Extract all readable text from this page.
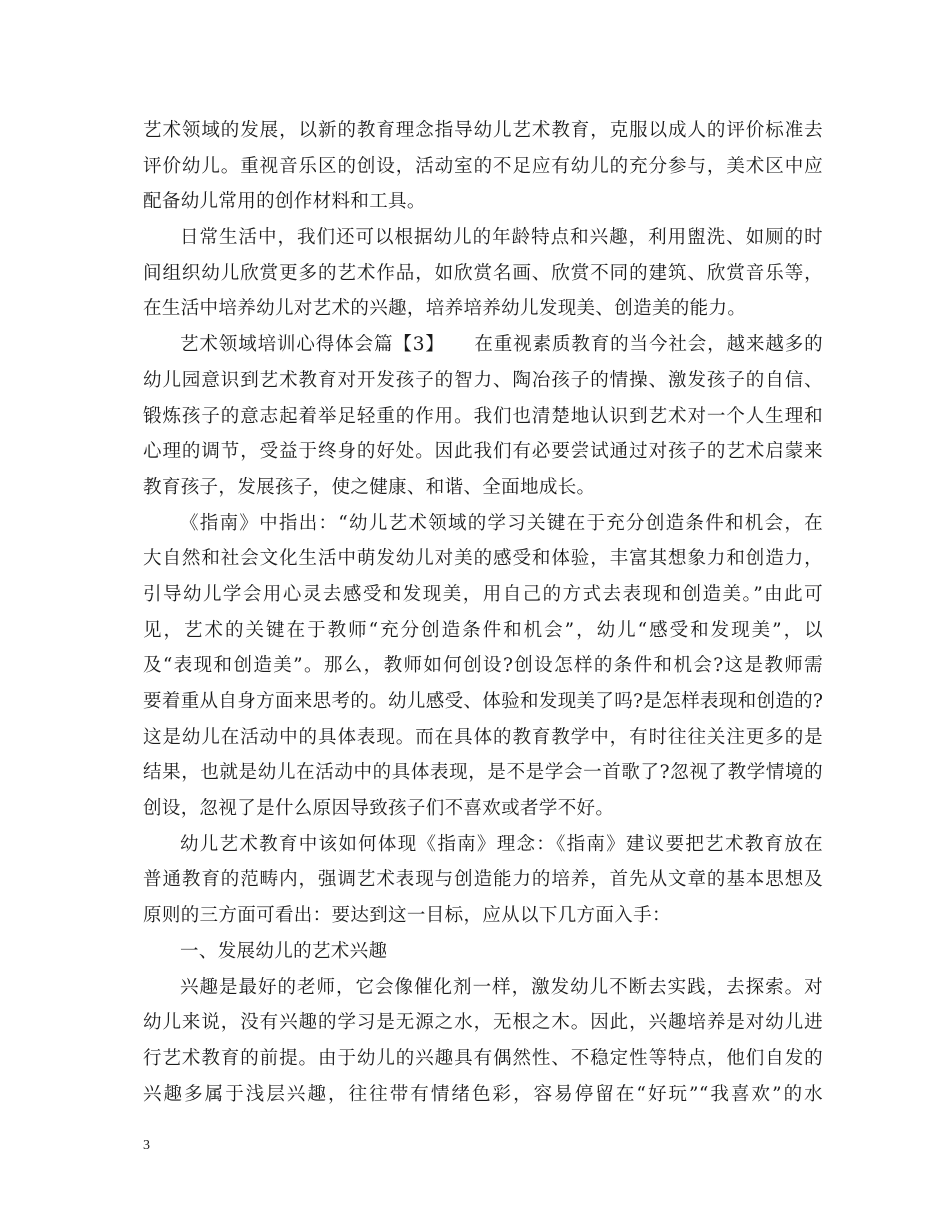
艺术领域的发展，以新的教育理念指导幼儿艺术教育，克服以成人的评价标准去
评价幼儿。重视音乐区的创设，活动室的不足应有幼儿的充分参与，美术区中应
配备幼儿常用的创作材料和工具。
日常生活中，我们还可以根据幼儿的年龄特点和兴趣，利用盥洗、如厕的时
间组织幼儿欣赏更多的艺术作品，如欣赏名画、欣赏不同的建筑、欣赏音乐等，
在生活中培养幼儿对艺术的兴趣，培养培养幼儿发现美、创造美的能力。
艺术领域培训心得体会篇【3】　　在重视素质教育的当今社会，越来越多的
幼儿园意识到艺术教育对开发孩子的智力、陶冶孩子的情操、激发孩子的自信、
锻炼孩子的意志起着举足轻重的作用。我们也清楚地认识到艺术对一个人生理和
心理的调节，受益于终身的好处。因此我们有必要尝试通过对孩子的艺术启蒙来
教育孩子，发展孩子，使之健康、和谐、全面地成长。
《指南》中指出：“幼儿艺术领域的学习关键在于充分创造条件和机会，在
大自然和社会文化生活中萌发幼儿对美的感受和体验，丰富其想象力和创造力，
引导幼儿学会用心灵去感受和发现美，用自己的方式去表现和创造美。”由此可
见，艺术的关键在于教师“充分创造条件和机会”，幼儿“感受和发现美”，以
及“表现和创造美”。那么，教师如何创设?创设怎样的条件和机会?这是教师需
要着重从自身方面来思考的。幼儿感受、体验和发现美了吗?是怎样表现和创造的?
这是幼儿在活动中的具体表现。而在具体的教育教学中，有时往往关注更多的是
结果，也就是幼儿在活动中的具体表现，是不是学会一首歌了?忽视了教学情境的
创设，忽视了是什么原因导致孩子们不喜欢或者学不好。
幼儿艺术教育中该如何体现《指南》理念：《指南》建议要把艺术教育放在
普通教育的范畴内，强调艺术表现与创造能力的培养，首先从文章的基本思想及
原则的三方面可看出：要达到这一目标，应从以下几方面入手：
一、发展幼儿的艺术兴趣
兴趣是最好的老师，它会像催化剂一样，激发幼儿不断去实践，去探索。对
幼儿来说，没有兴趣的学习是无源之水，无根之木。因此，兴趣培养是对幼儿进
行艺术教育的前提。由于幼儿的兴趣具有偶然性、不稳定性等特点，他们自发的
兴趣多属于浅层兴趣，往往带有情绪色彩，容易停留在“好玩”“我喜欢”的水
3
